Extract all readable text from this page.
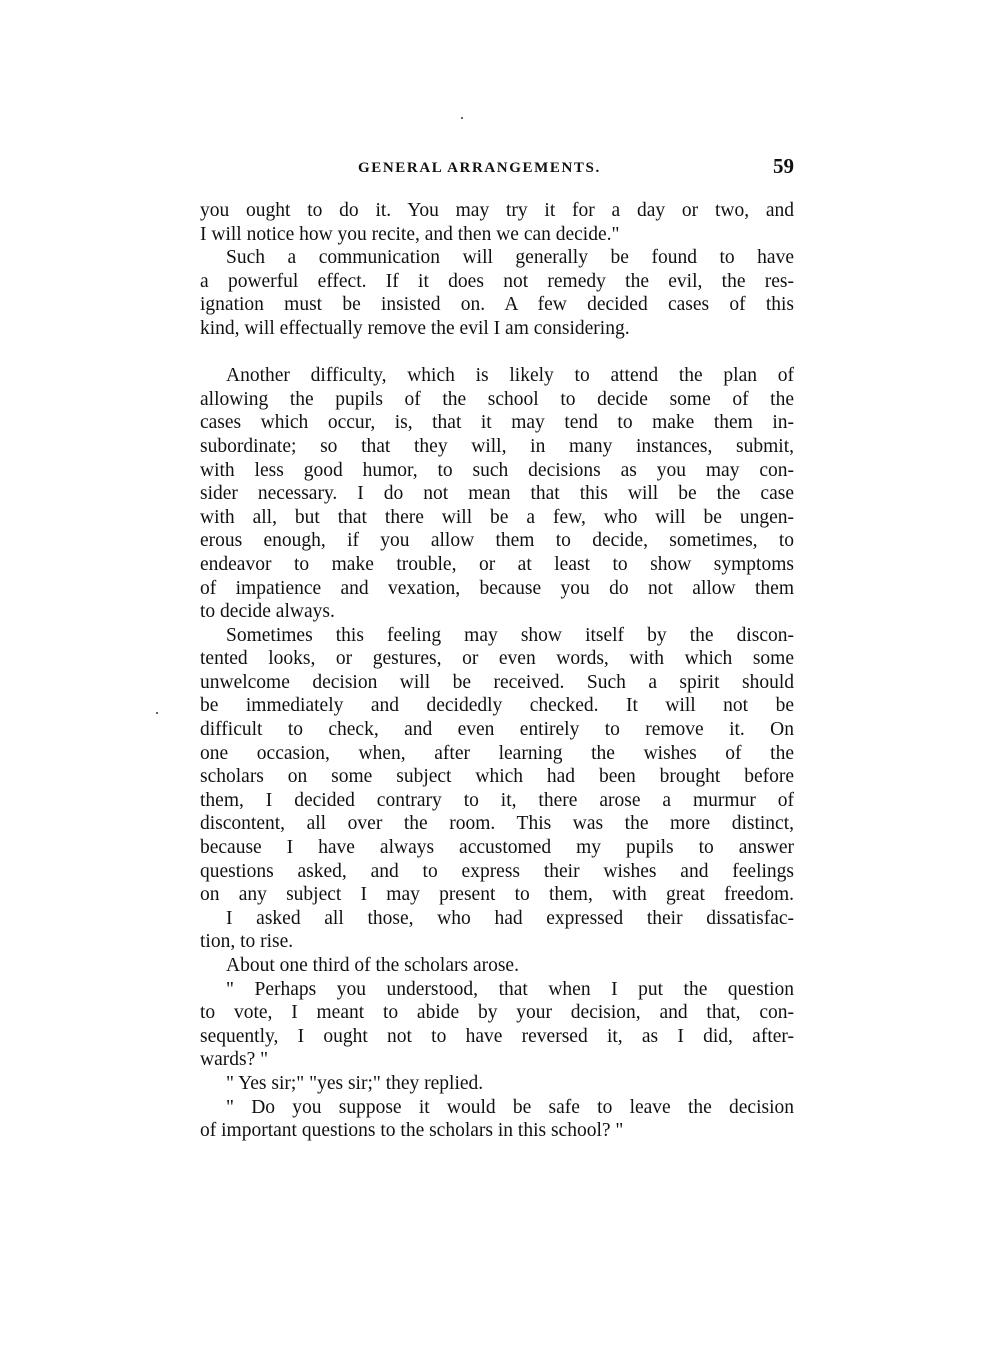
GENERAL ARRANGEMENTS.	59
you ought to do it. You may try it for a day or two, and
I will notice how you recite, and then we can decide."
Such a communication will generally be found to have
a powerful effect. If it does not remedy the evil, the res-
ignation must be insisted on. A few decided cases of this
kind, will effectually remove the evil I am considering.
Another difficulty, which is likely to attend the plan of
allowing the pupils of the school to decide some of the
cases which occur, is, that it may tend to make them in-
subordinate; so that they will, in many instances, submit,
with less good humor, to such decisions as you may con-
sider necessary. I do not mean that this will be the case
with all, but that there will be a few, who will be ungen-
erous enough, if you allow them to decide, sometimes, to
endeavor to make trouble, or at least to show symptoms
of impatience and vexation, because you do not allow them
to decide always.
Sometimes this feeling may show itself by the discon-
tented looks, or gestures, or even words, with which some
unwelcome decision will be received. Such a spirit should
be immediately and decidedly checked. It will not be
difficult to check, and even entirely to remove it. On
one occasion, when, after learning the wishes of the
scholars on some subject which had been brought before
them, I decided contrary to it, there arose a murmur of
discontent, all over the room. This was the more distinct,
because I have always accustomed my pupils to answer
questions asked, and to express their wishes and feelings
on any subject I may present to them, with great freedom.
I asked all those, who had expressed their dissatisfac-
tion, to rise.
About one third of the scholars arose.
" Perhaps you understood, that when I put the question
to vote, I meant to abide by your decision, and that, con-
sequently, I ought not to have reversed it, as I did, after-
wards? "
" Yes sir;" "yes sir;" they replied.
" Do you suppose it would be safe to leave the decision
of important questions to the scholars in this school? "
